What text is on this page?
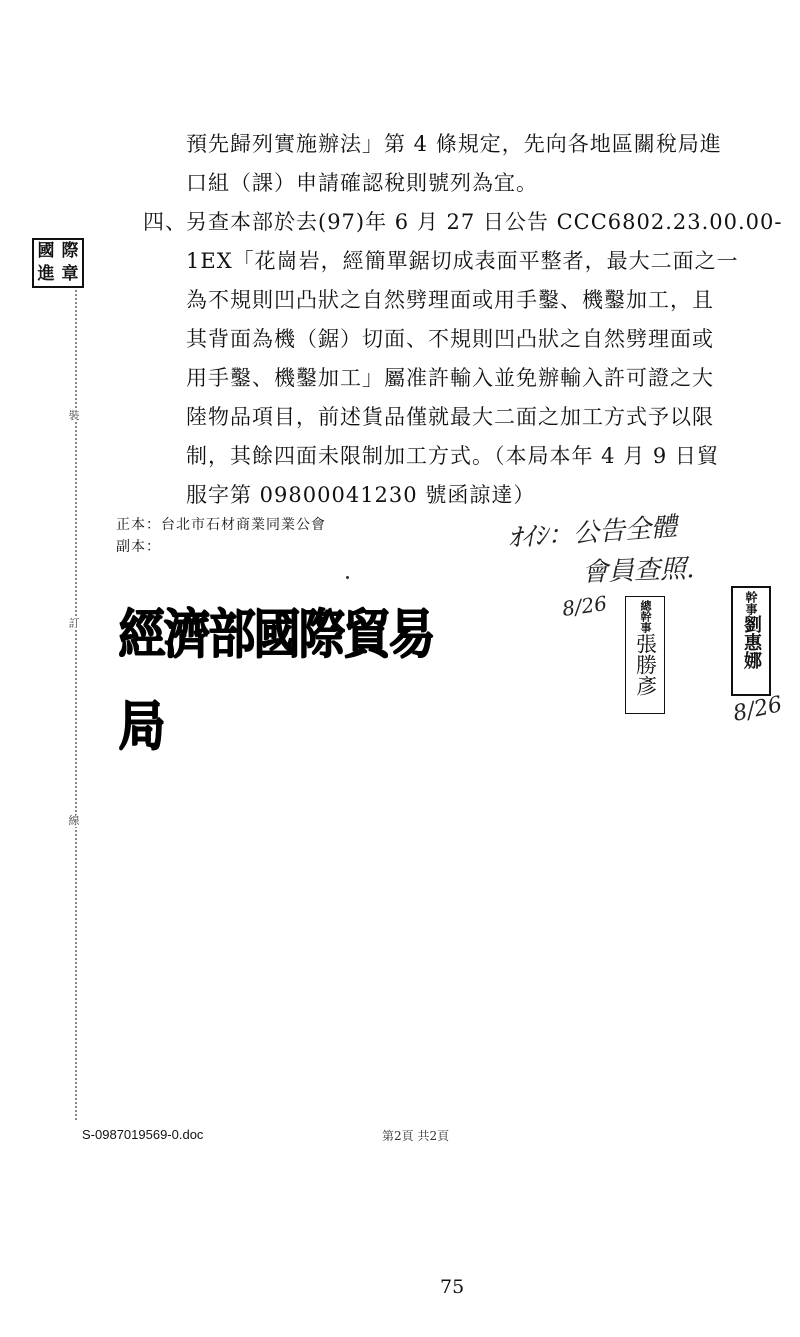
裝
訂
線
國 際
進 章
預先歸列實施辦法」第 4 條規定，先向各地區關稅局進
口組（課）申請確認稅則號列為宜。
四、 另查本部於去(97)年 6 月 27 日公告 CCC6802.23.00.00-
1EX「花崗岩，經簡單鋸切成表面平整者，最大二面之一
為不規則凹凸狀之自然劈理面或用手鑿、機鑿加工，且
其背面為機（鋸）切面、不規則凹凸狀之自然劈理面或
用手鑿、機鑿加工」屬准許輸入並免辦輸入許可證之大
陸物品項目，前述貨品僅就最大二面之加工方式予以限
制，其餘四面未限制加工方式。（本局本年 4 月 9 日貿
服字第 09800041230 號函諒達）
正本：台北市石材商業同業公會
副本：
經濟部國際貿易局
ｵｲｼ：公告全體
會員查照.
8/26
8/26
總幹事
張勝彥
幹事
劉惠娜
S-0987019569-0.doc	第2頁 共2頁
75
